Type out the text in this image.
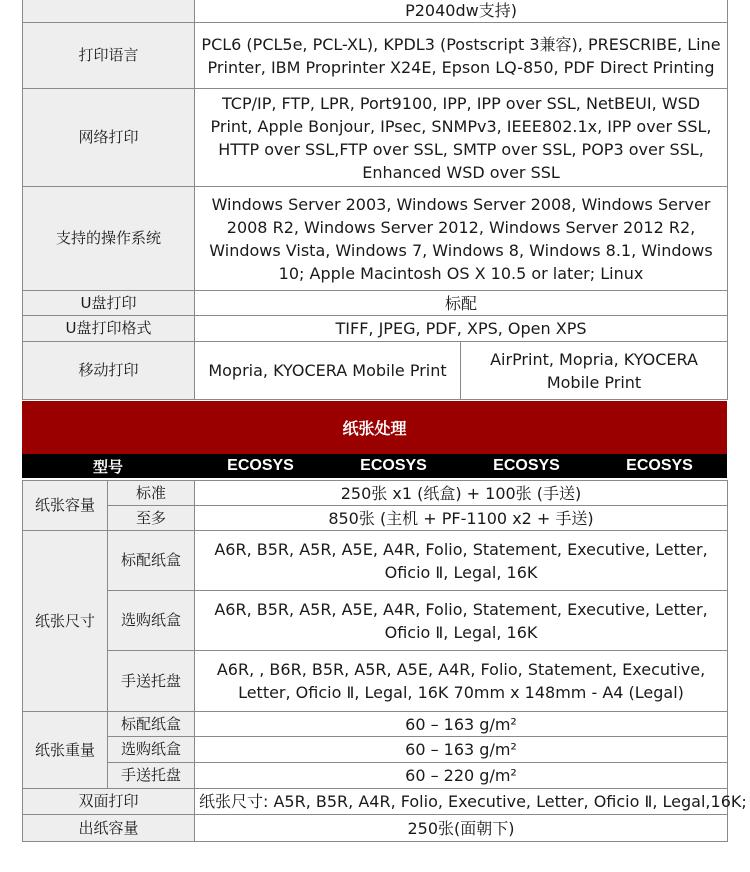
	P2040dw支持)	
打印语言	PCL6 (PCL5e, PCL-XL), KPDL3 (Postscript 3兼容), PRESCRIBE, Line Printer, IBM Proprinter X24E, Epson LQ-850, PDF Direct Printing	
网络打印	TCP/IP, FTP, LPR, Port9100, IPP, IPP over SSL, NetBEUI, WSD Print, Apple Bonjour, IPsec, SNMPv3, IEEE802.1x, IPP over SSL, HTTP over SSL,FTP over SSL, SMTP over SSL, POP3 over SSL, Enhanced WSD over SSL	
支持的操作系统	Windows Server 2003, Windows Server 2008, Windows Server 2008 R2, Windows Server 2012, Windows Server 2012 R2, Windows Vista, Windows 7, Windows 8, Windows 8.1, Windows 10; Apple Macintosh OS X 10.5 or later; Linux	
U盘打印	标配	
U盘打印格式	TIFF, JPEG, PDF, XPS, Open XPS	
移动打印	Mopria, KYOCERA Mobile Print	AirPrint, Mopria, KYOCERA Mobile Print
纸张处理
型号	ECOSYS	ECOSYS	ECOSYS	ECOSYS
纸张容量	标准	250张 x1 (纸盒) + 100张 (手送)
	至多	850张 (主机 + PF-1100 x2 + 手送)
纸张尺寸	标配纸盒	A6R, B5R, A5R, A5E, A4R, Folio, Statement, Executive, Letter, Oficio Ⅱ, Legal, 16K
	选购纸盒	A6R, B5R, A5R, A5E, A4R, Folio, Statement, Executive, Letter, Oficio Ⅱ, Legal, 16K
	手送托盘	A6R, , B6R, B5R, A5R, A5E, A4R, Folio, Statement, Executive, Letter, Oficio Ⅱ, Legal, 16K 70mm x 148mm - A4 (Legal)
纸张重量	标配纸盒	60 – 163 g/m²
	选购纸盒	60 – 163 g/m²
	手送托盘	60 – 220 g/m²
双面打印		纸张尺寸: A5R, B5R, A4R, Folio, Executive, Letter, Oficio Ⅱ, Legal,16K;
出纸容量		250张(面朝下)
